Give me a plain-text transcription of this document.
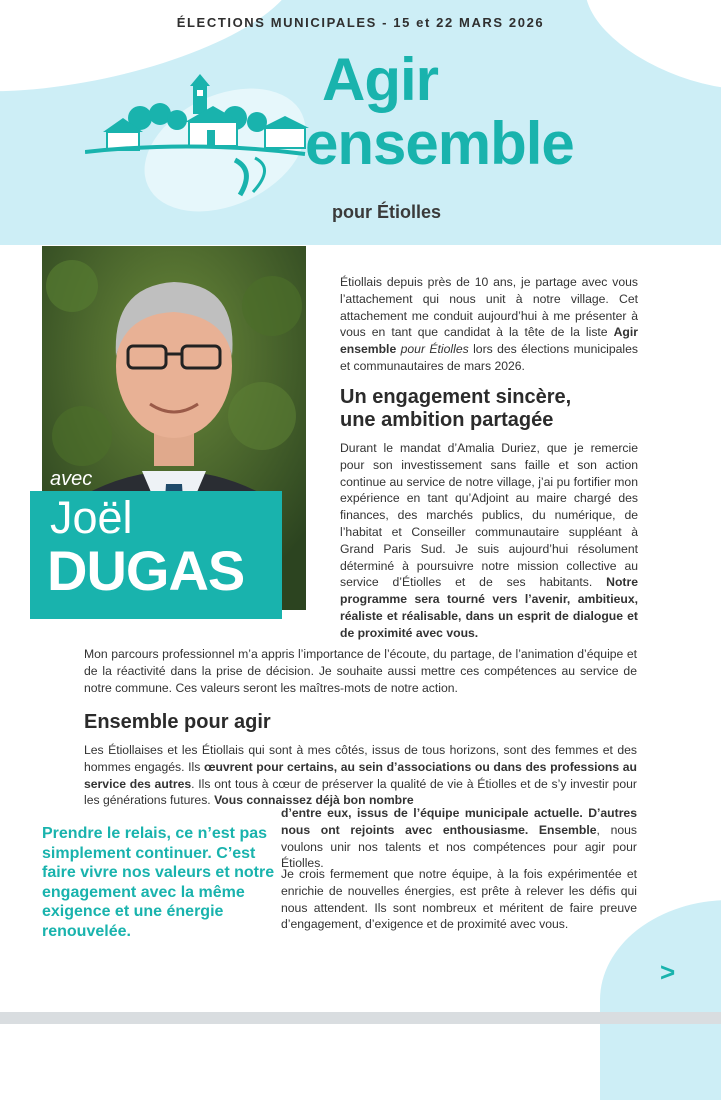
ÉLECTIONS MUNICIPALES - 15 et 22 MARS 2026
Agir
ensemble
pour Étiolles
avec
Joël
DUGAS

Étiollais depuis près de 10 ans, je partage avec vous l’attachement qui nous unit à notre village. Cet attachement me conduit aujourd’hui à me présenter à vous en tant que candidat à la tête de la liste Agir ensemble pour Étiolles lors des élections municipales et communautaires de mars 2026.

Un engagement sincère,
une ambition partagée

Durant le mandat d’Amalia Duriez, que je remercie pour son investissement sans faille et son action continue au service de notre village, j’ai pu fortifier mon expérience en tant qu’Adjoint au maire chargé des finances, des marchés publics, du numérique, de l’habitat et Conseiller communautaire suppléant à Grand Paris Sud. Je suis aujourd’hui résolument déterminé à poursuivre notre mission collective au service d’Étiolles et de ses habitants. Notre programme sera tourné vers l’avenir, ambitieux, réaliste et réalisable, dans un esprit de dialogue et de proximité avec vous.

Mon parcours professionnel m’a appris l’importance de l’écoute, du partage, de l’animation d’équipe et de la réactivité dans la prise de décision. Je souhaite aussi mettre ces compétences au service de notre commune. Ces valeurs seront les maîtres-mots de notre action.

Ensemble pour agir

Les Étiollaises et les Étiollais qui sont à mes côtés, issus de tous horizons, sont des femmes et des hommes engagés. Ils œuvrent pour certains, au sein d’associations ou dans des professions au service des autres. Ils ont tous à cœur de préserver la qualité de vie à Étiolles et de s’y investir pour les générations futures. Vous connaissez déjà bon nombre

d’entre eux, issus de l’équipe municipale actuelle. D’autres nous ont rejoints avec enthousiasme. Ensemble, nous voulons unir nos talents et nos compétences pour agir pour Étiolles.

Je crois fermement que notre équipe, à la fois expérimentée et enrichie de nouvelles énergies, est prête à relever les défis qui nous attendent. Ils sont nombreux et méritent de faire preuve d’engagement, d’exigence et de proximité avec vous.

Prendre le relais, ce n’est pas simplement continuer. C’est faire vivre nos valeurs et notre engagement avec la même exigence et une énergie renouvelée.
>
